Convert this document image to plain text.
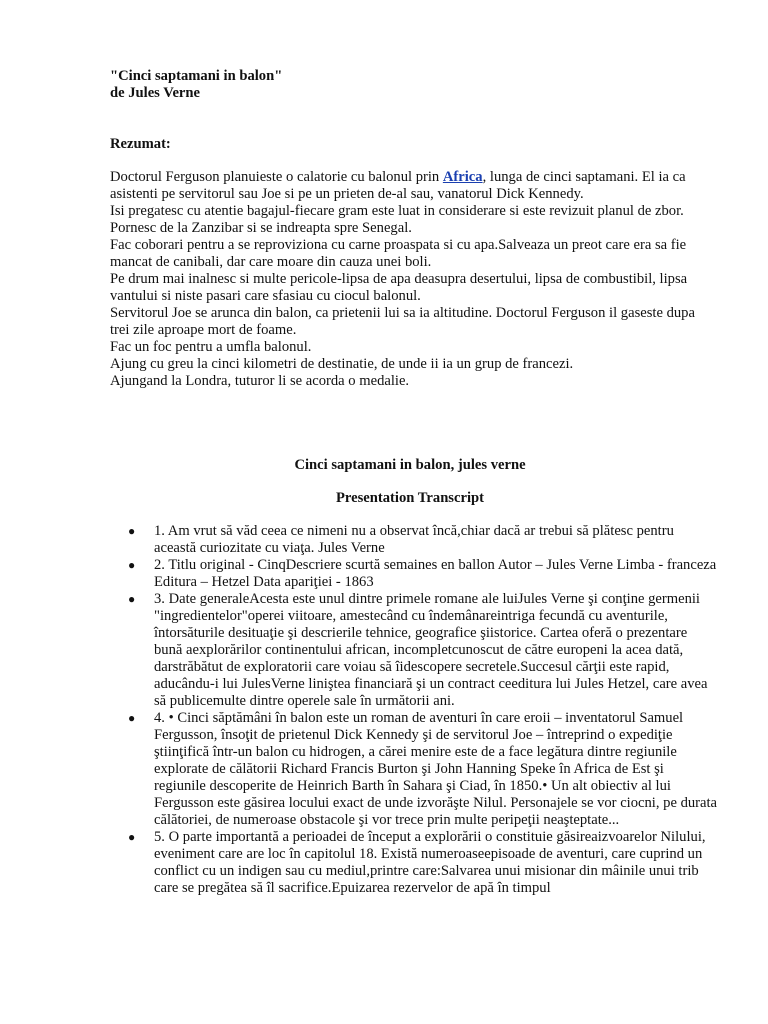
"Cinci saptamani in balon"
de Jules Verne
Rezumat:

Doctorul Ferguson planuieste o calatorie cu balonul prin Africa, lunga de cinci saptamani. El ia ca asistenti pe servitorul sau Joe si pe un prieten de-al sau, vanatorul Dick Kennedy.

Isi pregatesc cu atentie bagajul-fiecare gram este luat in considerare si este revizuit planul de zbor.

Pornesc de la Zanzibar si se indreapta spre Senegal.

Fac coborari pentru a se reproviziona cu carne proaspata si cu apa.Salveaza un preot care era sa fie mancat de canibali, dar care moare din cauza unei boli.

Pe drum mai inalnesc si multe pericole-lipsa de apa deasupra desertului, lipsa de combustibil, lipsa vantului si niste pasari care sfasiau cu ciocul balonul.

Servitorul Joe se arunca din balon, ca prietenii lui sa ia altitudine. Doctorul Ferguson il gaseste dupa trei zile aproape mort de foame.

Fac un foc pentru a umfla balonul.

Ajung cu greu la cinci kilometri de destinatie, de unde ii ia un grup de francezi.

Ajungand la Londra, tuturor li se acorda o medalie.

Cinci saptamani in balon, jules verne
Presentation Transcript
● 1. Am vrut să văd ceea ce nimeni nu a observat încă,chiar dacă ar trebui să plătesc pentru această curiozitate cu viaţa. Jules Verne
● 2. Titlu original - CinqDescriere scurtă semaines en ballon Autor – Jules Verne Limba - franceza Editura – Hetzel Data apariţiei - 1863
● 3. Date generaleAcesta este unul dintre primele romane ale luiJules Verne şi conţine germenii "ingredientelor"operei viitoare, amestecând cu îndemânareintriga fecundă cu aventurile, întorsăturile desituaţie şi descrierile tehnice, geografice şiistorice. Cartea oferă o prezentare bună aexplorărilor continentului african, incompletcunoscut de către europeni la acea dată, darstrăbătut de exploratorii care voiau să îidescopere secretele.Succesul cărţii este rapid, aducându-i lui JulesVerne liniştea financiară şi un contract ceeditura lui Jules Hetzel, care avea să publicemulte dintre operele sale în următorii ani.
● 4. • Cinci săptămâni în balon este un roman de aventuri în care eroii – inventatorul Samuel Fergusson, însoţit de prietenul Dick Kennedy şi de servitorul Joe – întreprind o expediţie ştiinţifică într-un balon cu hidrogen, a cărei menire este de a face legătura dintre regiunile explorate de călătorii Richard Francis Burton şi John Hanning Speke în Africa de Est şi regiunile descoperite de Heinrich Barth în Sahara şi Ciad, în 1850.• Un alt obiectiv al lui Fergusson este găsirea locului exact de unde izvorăşte Nilul. Personajele se vor ciocni, pe durata călătoriei, de numeroase obstacole şi vor trece prin multe peripeţii neaşteptate...
● 5. O parte importantă a perioadei de început a explorării o constituie găsireaizvoarelor Nilului, eveniment care are loc în capitolul 18. Există numeroaseepisoade de aventuri, care cuprind un conflict cu un indigen sau cu mediul,printre care:Salvarea unui misionar din mâinile unui trib care se pregătea să îl sacrifice.Epuizarea rezervelor de apă în timpul
